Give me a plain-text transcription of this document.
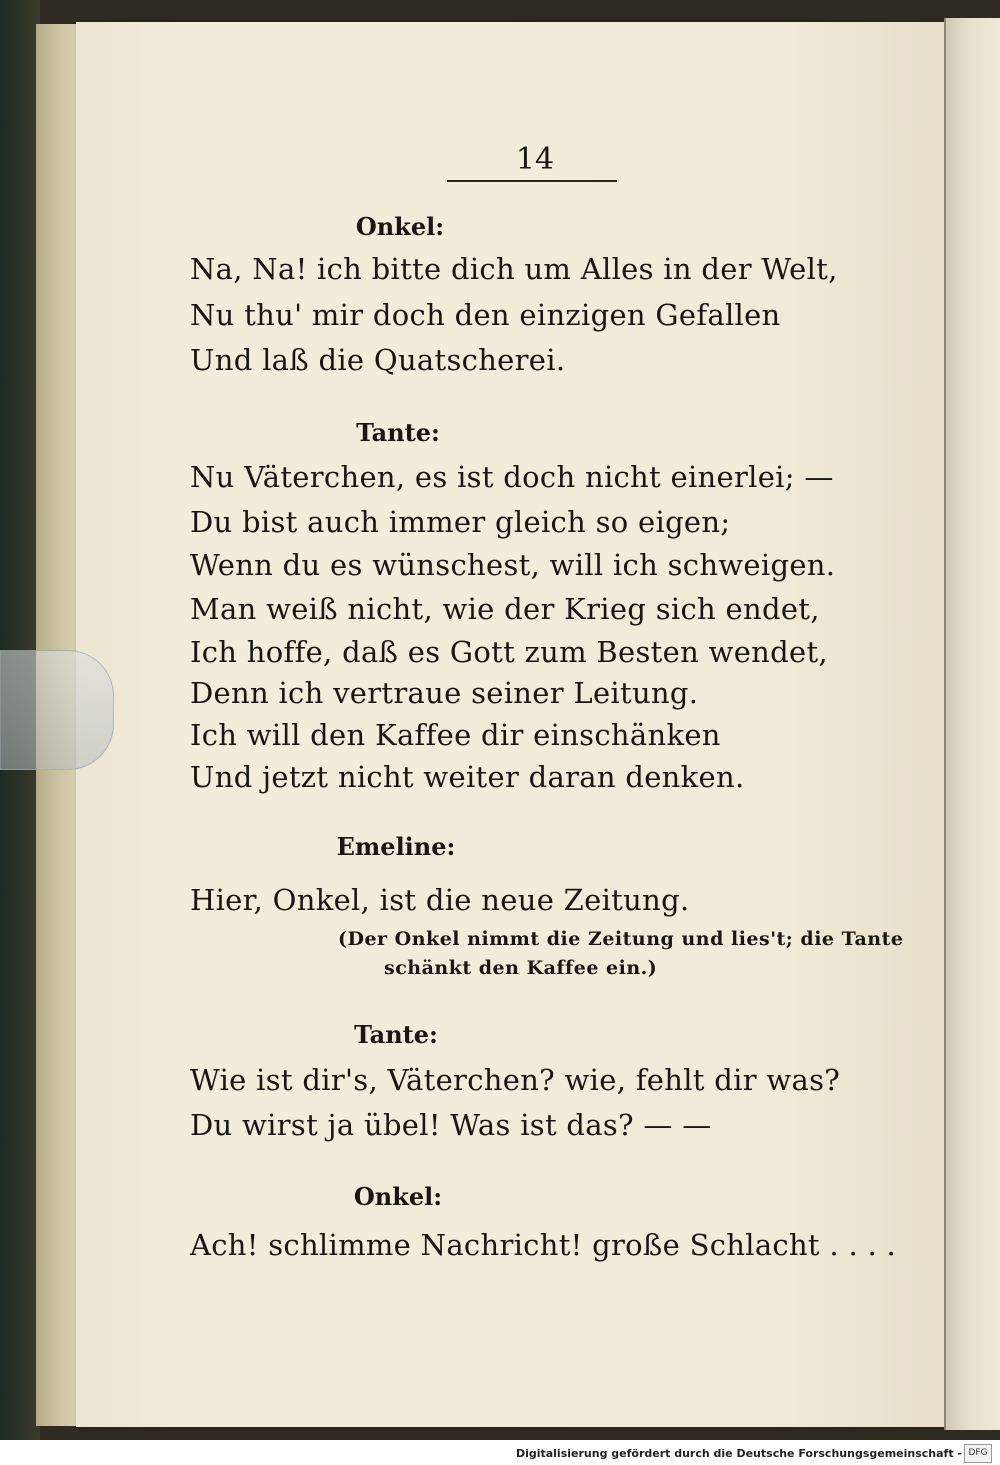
14
Onkel:
Na, Na! ich bitte dich um Alles in der Welt,
Nu thu' mir doch den einzigen Gefallen
Und laß die Quatscherei.
Tante:
Nu Väterchen, es ist doch nicht einerlei; —
Du bist auch immer gleich so eigen;
Wenn du es wünschest, will ich schweigen.
Man weiß nicht, wie der Krieg sich endet,
Ich hoffe, daß es Gott zum Besten wendet,
Denn ich vertraue seiner Leitung.
Ich will den Kaffee dir einschänken
Und jetzt nicht weiter daran denken.
Emeline:
Hier, Onkel, ist die neue Zeitung.
(Der Onkel nimmt die Zeitung und lies't; die Tante
schänkt den Kaffee ein.)
Tante:
Wie ist dir's, Väterchen? wie, fehlt dir was?
Du wirst ja übel! Was ist das? — —
Onkel:
Ach! schlimme Nachricht! große Schlacht . . . .
Digitalisierung gefördert durch die Deutsche Forschungsgemeinschaft - DFG
